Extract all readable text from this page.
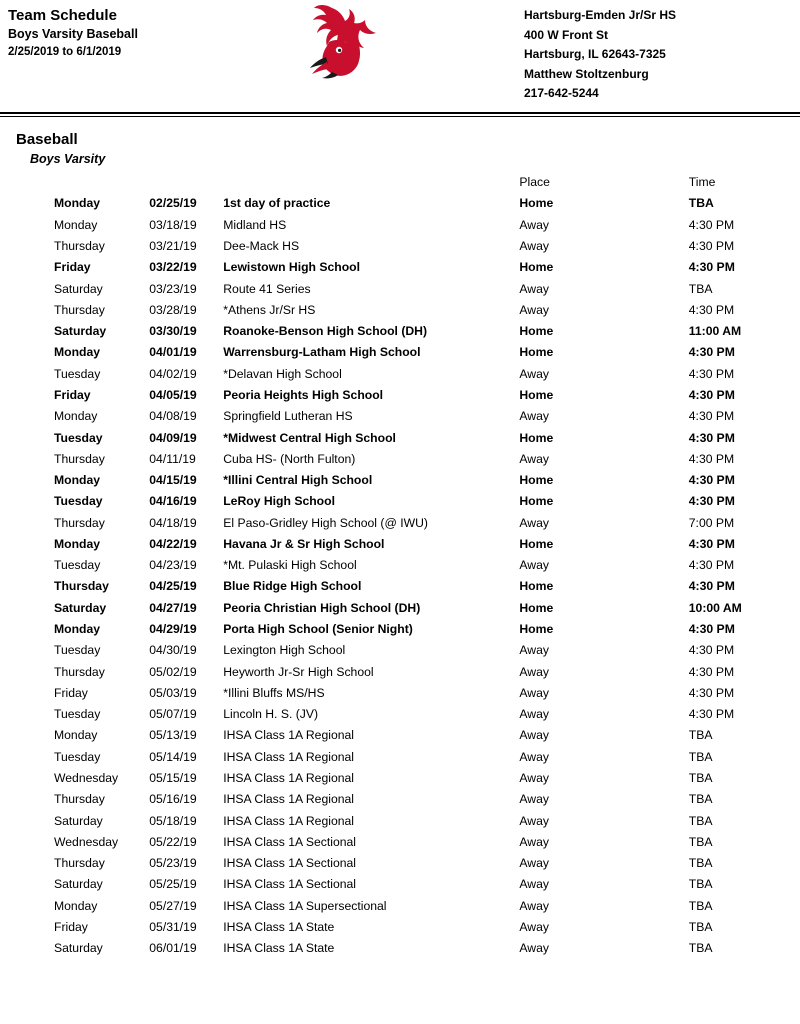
Team Schedule
Boys Varsity Baseball
2/25/2019 to 6/1/2019
Hartsburg-Emden Jr/Sr HS
400 W Front St
Hartsburg, IL 62643-7325
Matthew Stoltzenburg
217-642-5244
Baseball
Boys Varsity
			Place	Time
Monday	02/25/19	1st day of practice	Home	TBA
Monday	03/18/19	Midland HS	Away	4:30 PM
Thursday	03/21/19	Dee-Mack HS	Away	4:30 PM
Friday	03/22/19	Lewistown High School	Home	4:30 PM
Saturday	03/23/19	Route 41 Series	Away	TBA
Thursday	03/28/19	*Athens Jr/Sr HS	Away	4:30 PM
Saturday	03/30/19	Roanoke-Benson High School (DH)	Home	11:00 AM
Monday	04/01/19	Warrensburg-Latham High School	Home	4:30 PM
Tuesday	04/02/19	*Delavan High School	Away	4:30 PM
Friday	04/05/19	Peoria Heights High School	Home	4:30 PM
Monday	04/08/19	Springfield Lutheran HS	Away	4:30 PM
Tuesday	04/09/19	*Midwest Central High School	Home	4:30 PM
Thursday	04/11/19	Cuba HS- (North Fulton)	Away	4:30 PM
Monday	04/15/19	*Illini Central High School	Home	4:30 PM
Tuesday	04/16/19	LeRoy High School	Home	4:30 PM
Thursday	04/18/19	El Paso-Gridley High School (@ IWU)	Away	7:00 PM
Monday	04/22/19	Havana Jr & Sr High School	Home	4:30 PM
Tuesday	04/23/19	*Mt. Pulaski High School	Away	4:30 PM
Thursday	04/25/19	Blue Ridge High School	Home	4:30 PM
Saturday	04/27/19	Peoria Christian High School (DH)	Home	10:00 AM
Monday	04/29/19	Porta High School (Senior Night)	Home	4:30 PM
Tuesday	04/30/19	Lexington High School	Away	4:30 PM
Thursday	05/02/19	Heyworth Jr-Sr High School	Away	4:30 PM
Friday	05/03/19	*Illini Bluffs MS/HS	Away	4:30 PM
Tuesday	05/07/19	Lincoln H. S. (JV)	Away	4:30 PM
Monday	05/13/19	IHSA Class 1A Regional	Away	TBA
Tuesday	05/14/19	IHSA Class 1A Regional	Away	TBA
Wednesday	05/15/19	IHSA Class 1A Regional	Away	TBA
Thursday	05/16/19	IHSA Class 1A Regional	Away	TBA
Saturday	05/18/19	IHSA Class 1A Regional	Away	TBA
Wednesday	05/22/19	IHSA Class 1A Sectional	Away	TBA
Thursday	05/23/19	IHSA Class 1A Sectional	Away	TBA
Saturday	05/25/19	IHSA Class 1A Sectional	Away	TBA
Monday	05/27/19	IHSA Class 1A Supersectional	Away	TBA
Friday	05/31/19	IHSA Class 1A State	Away	TBA
Saturday	06/01/19	IHSA Class 1A State	Away	TBA
